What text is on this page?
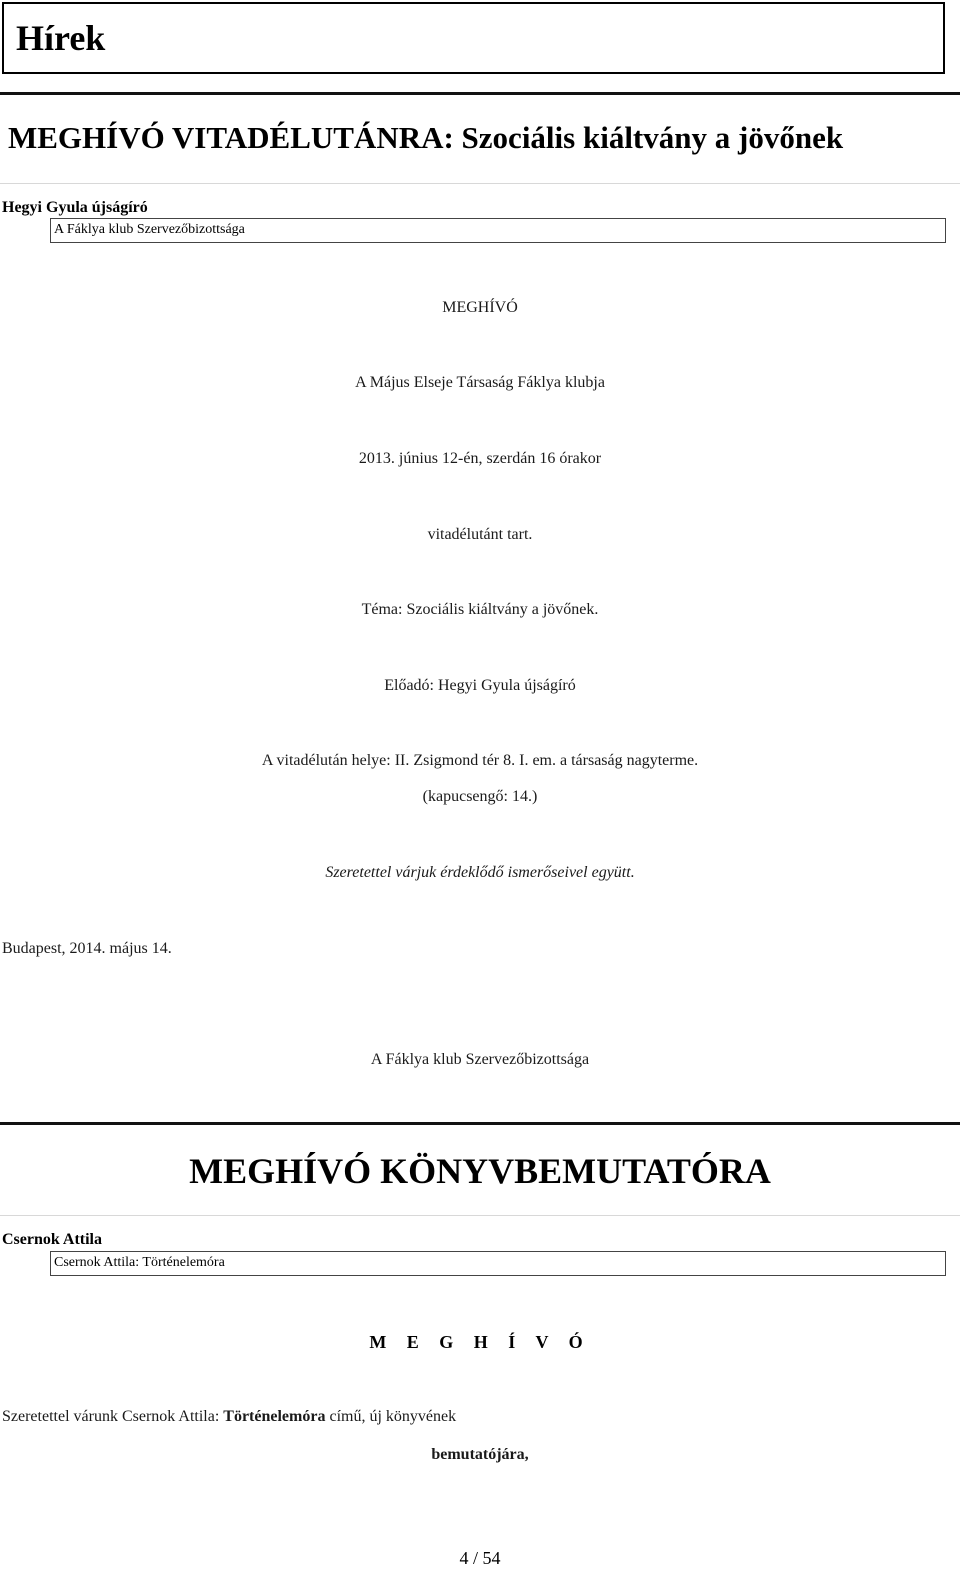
Hírek
MEGHÍVÓ VITADÉLUTÁNRA: Szociális kiáltvány a jövőnek
Hegyi Gyula újságíró
A Fáklya klub Szervezőbizottsága
MEGHÍVÓ
A Május Elseje Társaság Fáklya klubja
2013. június 12-én, szerdán 16 órakor
vitadélutánt tart.
Téma: Szociális kiáltvány a jövőnek.
Előadó: Hegyi Gyula újságíró
A vitadélután helye: II. Zsigmond tér 8. I. em. a társaság nagyterme.
(kapucsengő: 14.)
Szeretettel várjuk érdeklődő ismerőseivel együtt.
Budapest, 2014. május 14.
A Fáklya klub Szervezőbizottsága
MEGHÍVÓ KÖNYVBEMUTATÓRA
Csernok Attila
Csernok Attila: Történelemóra
M E G H Í V Ó
Szeretettel várunk Csernok Attila: Történelemóra című, új könyvének
bemutatójára,
4 / 54
